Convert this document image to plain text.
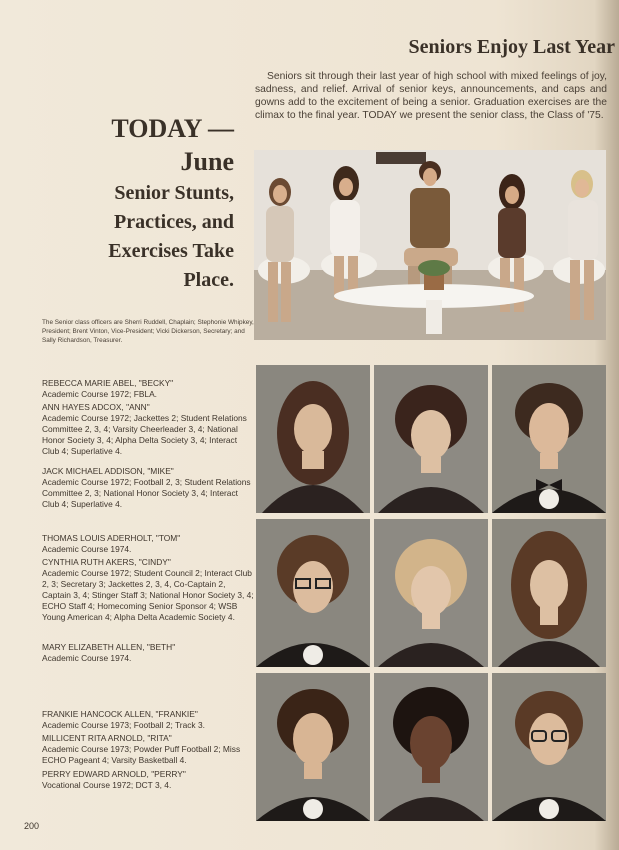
Seniors Enjoy Last Year
Seniors sit through their last year of high school with mixed feelings of joy, sadness, and relief. Arrival of senior keys, announcements, and caps and gowns add to the excitement of being a senior. Graduation exercises are the climax to the final year. TODAY we present the senior class, the Class of '75.
TODAY —
June
Senior Stunts,
Practices, and
Exercises Take
Place.
The Senior class officers are Sherri Ruddell, Chaplain; Stephonie Whipkey, President; Brent Vinton, Vice-President; Vicki Dickerson, Secretary; and Sally Richardson, Treasurer.
REBECCA MARIE ABEL, "BECKY"
Academic Course 1972; FBLA.
ANN HAYES ADCOX, "ANN"
Academic Course 1972; Jackettes 2; Student Relations Committee 2, 3, 4; Varsity Cheerleader 3, 4; National Honor Society 3, 4; Alpha Delta Society 3, 4; Interact Club 4; Superlative 4.
JACK MICHAEL ADDISON, "MIKE"
Academic Course 1972; Football 2, 3; Student Relations Committee 2, 3; National Honor Society 3, 4; Interact Club 4; Superlative 4.
THOMAS LOUIS ADERHOLT, "TOM"
Academic Course 1974.
CYNTHIA RUTH AKERS, "CINDY"
Academic Course 1972; Student Council 2; Interact Club 2, 3; Secretary 3; Jackettes 2, 3, 4, Co-Captain 2, Captain 3, 4; Stinger Staff 3; National Honor Society 3, 4; ECHO Staff 4; Homecoming Senior Sponsor 4; WSB Young American 4; Alpha Delta Academic Society 4.
MARY ELIZABETH ALLEN, "BETH"
Academic Course 1974.
FRANKIE HANCOCK ALLEN, "FRANKIE"
Academic Course 1973; Football 2; Track 3.
MILLICENT RITA ARNOLD, "RITA"
Academic Course 1973; Powder Puff Football 2; Miss ECHO Pageant 4; Varsity Basketball 4.
PERRY EDWARD ARNOLD, "PERRY"
Vocational Course 1972; DCT 3, 4.
200
